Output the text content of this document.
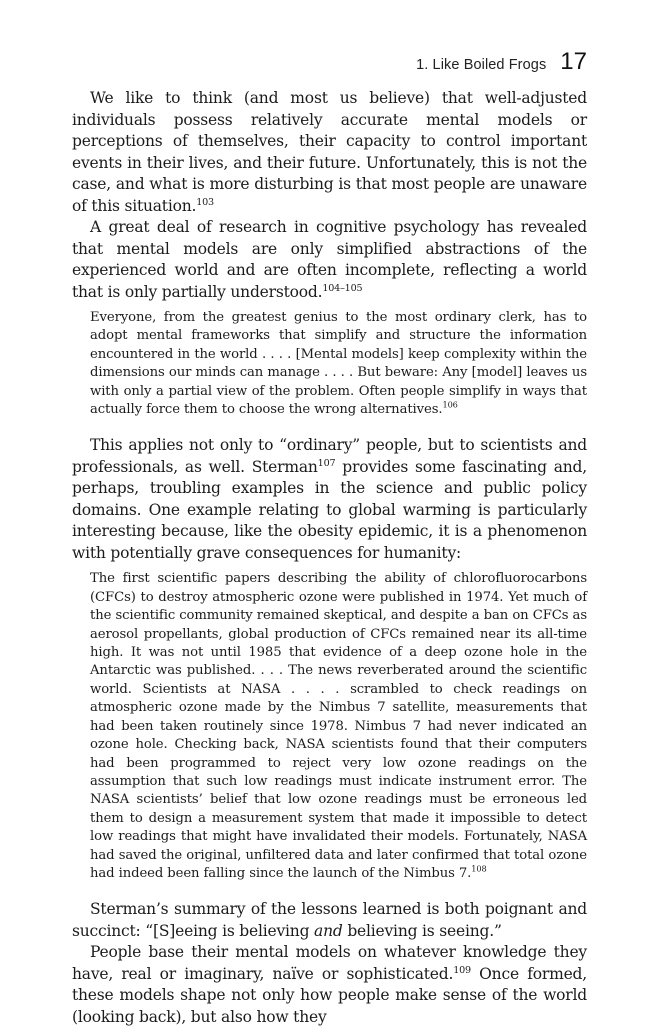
1. Like Boiled Frogs 17

We like to think (and most us believe) that well-adjusted individuals possess relatively accurate mental models or perceptions of themselves, their capacity to control important events in their lives, and their future. Unfortunately, this is not the case, and what is more disturbing is that most people are unaware of this situation.$^{103}$

A great deal of research in cognitive psychology has revealed that mental models are only simplified abstractions of the experienced world and are often incomplete, reflecting a world that is only partially understood.$^{104-105}$

Everyone, from the greatest genius to the most ordinary clerk, has to adopt mental frameworks that simplify and structure the information encountered in the world . . . . [Mental models] keep complexity within the dimensions our minds can manage . . . . But beware: Any [model] leaves us with only a partial view of the problem. Often people simplify in ways that actually force them to choose the wrong alternatives.$^{106}$

This applies not only to “ordinary” people, but to scientists and professionals, as well. Sterman$^{107}$ provides some fascinating and, perhaps, troubling examples in the science and public policy domains. One example relating to global warming is particularly interesting because, like the obesity epidemic, it is a phenomenon with potentially grave consequences for humanity:

The first scientific papers describing the ability of chlorofluorocarbons (CFCs) to destroy atmospheric ozone were published in 1974. Yet much of the scientific community remained skeptical, and despite a ban on CFCs as aerosol propellants, global production of CFCs remained near its all-time high. It was not until 1985 that evidence of a deep ozone hole in the Antarctic was published. . . . The news reverberated around the scientific world. Scientists at NASA . . . . scrambled to check readings on atmospheric ozone made by the Nimbus 7 satellite, measurements that had been taken routinely since 1978. Nimbus 7 had never indicated an ozone hole. Checking back, NASA scientists found that their computers had been programmed to reject very low ozone readings on the assumption that such low readings must indicate instrument error. The NASA scientists’ belief that low ozone readings must be erroneous led them to design a measurement system that made it impossible to detect low readings that might have invalidated their models. Fortunately, NASA had saved the original, unfiltered data and later confirmed that total ozone had indeed been falling since the launch of the Nimbus 7.$^{108}$

Sterman’s summary of the lessons learned is both poignant and succinct: “[S]eeing is believing and believing is seeing.”

People base their mental models on whatever knowledge they have, real or imaginary, naïve or sophisticated.$^{109}$ Once formed, these models shape not only how people make sense of the world (looking back), but also how they
